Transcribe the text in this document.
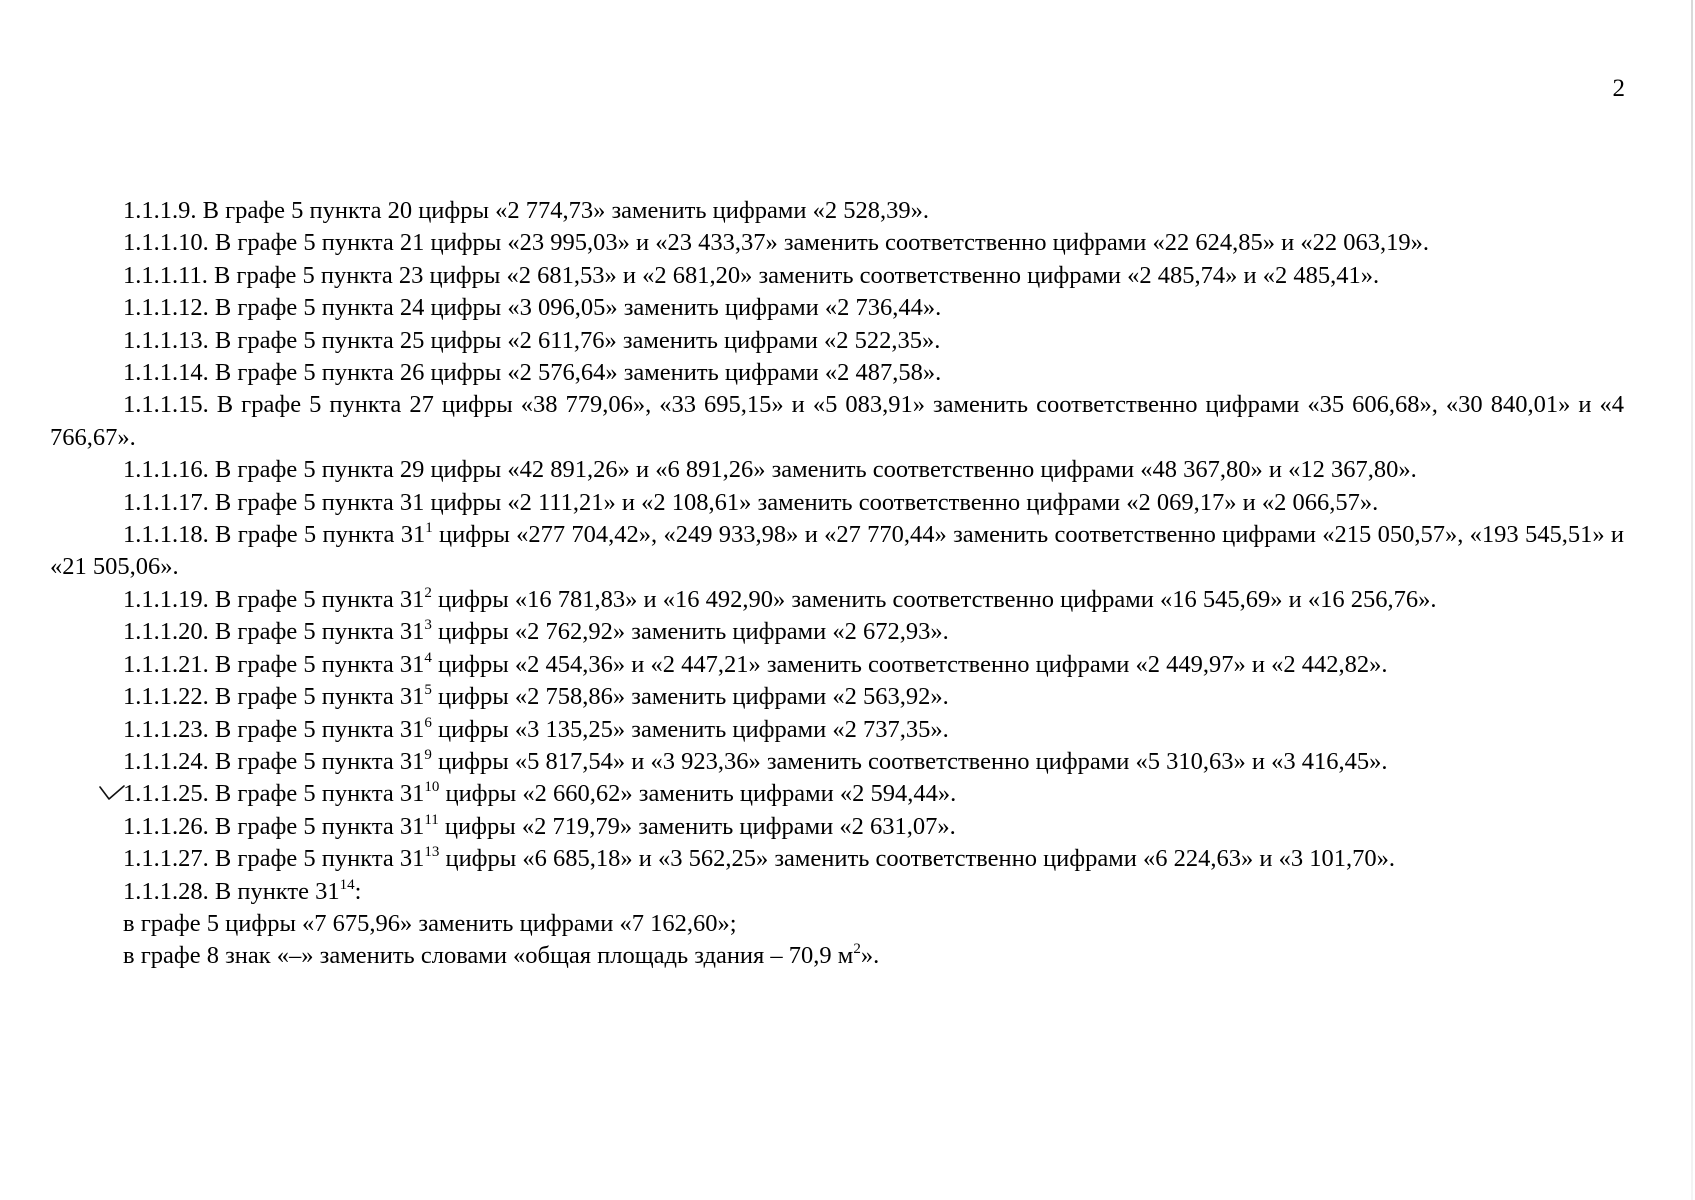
2

1.1.1.9. В графе 5 пункта 20 цифры «2 774,73» заменить цифрами «2 528,39».

1.1.1.10. В графе 5 пункта 21 цифры «23 995,03» и «23 433,37» заменить соответственно цифрами «22 624,85» и «22 063,19».

1.1.1.11. В графе 5 пункта 23 цифры «2 681,53» и «2 681,20» заменить соответственно цифрами «2 485,74» и «2 485,41».

1.1.1.12. В графе 5 пункта 24 цифры «3 096,05» заменить цифрами «2 736,44».

1.1.1.13. В графе 5 пункта 25 цифры «2 611,76» заменить цифрами «2 522,35».

1.1.1.14. В графе 5 пункта 26 цифры «2 576,64» заменить цифрами «2 487,58».

1.1.1.15. В графе 5 пункта 27 цифры «38 779,06», «33 695,15» и «5 083,91» заменить соответственно цифрами «35 606,68», «30 840,01» и «4 766,67».

1.1.1.16. В графе 5 пункта 29 цифры «42 891,26» и «6 891,26» заменить соответственно цифрами «48 367,80» и «12 367,80».

1.1.1.17. В графе 5 пункта 31 цифры «2 111,21» и «2 108,61» заменить соответственно цифрами «2 069,17» и «2 066,57».

1.1.1.18. В графе 5 пункта $31^1$ цифры «277 704,42», «249 933,98» и «27 770,44» заменить соответственно цифрами «215 050,57», «193 545,51» и «21 505,06».

1.1.1.19. В графе 5 пункта $31^2$ цифры «16 781,83» и «16 492,90» заменить соответственно цифрами «16 545,69» и «16 256,76».

1.1.1.20. В графе 5 пункта $31^3$ цифры «2 762,92» заменить цифрами «2 672,93».

1.1.1.21. В графе 5 пункта $31^4$ цифры «2 454,36» и «2 447,21» заменить соответственно цифрами «2 449,97» и «2 442,82».

1.1.1.22. В графе 5 пункта $31^5$ цифры «2 758,86» заменить цифрами «2 563,92».

1.1.1.23. В графе 5 пункта $31^6$ цифры «3 135,25» заменить цифрами «2 737,35».

1.1.1.24. В графе 5 пункта $31^9$ цифры «5 817,54» и «3 923,36» заменить соответственно цифрами «5 310,63» и «3 416,45».

1.1.1.25. В графе 5 пункта $31^{10}$ цифры «2 660,62» заменить цифрами «2 594,44».

1.1.1.26. В графе 5 пункта $31^{11}$ цифры «2 719,79» заменить цифрами «2 631,07».

1.1.1.27. В графе 5 пункта $31^{13}$ цифры «6 685,18» и «3 562,25» заменить соответственно цифрами «6 224,63» и «3 101,70».

1.1.1.28. В пункте $31^{14}$:

в графе 5 цифры «7 675,96» заменить цифрами «7 162,60»;

в графе 8 знак «–» заменить словами «общая площадь здания – 70,9 $м^2$».
